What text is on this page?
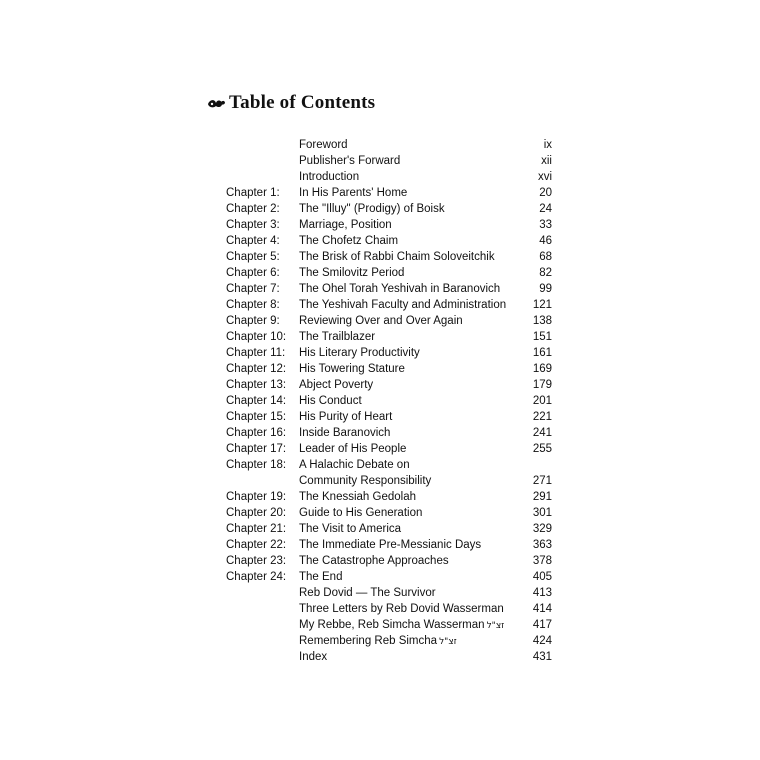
Table of Contents
Foreword	ix
Publisher's Forward	xii
Introduction	xvi
Chapter 1:	In His Parents' Home	20
Chapter 2:	The "Illuy" (Prodigy) of Boisk	24
Chapter 3:	Marriage, Position	33
Chapter 4:	The Chofetz Chaim	46
Chapter 5:	The Brisk of Rabbi Chaim Soloveitchik	68
Chapter 6:	The Smilovitz Period	82
Chapter 7:	The Ohel Torah Yeshivah in Baranovich	99
Chapter 8:	The Yeshivah Faculty and Administration	121
Chapter 9:	Reviewing Over and Over Again	138
Chapter 10:	The Trailblazer	151
Chapter 11:	His Literary Productivity	161
Chapter 12:	His Towering Stature	169
Chapter 13:	Abject Poverty	179
Chapter 14:	His Conduct	201
Chapter 15:	His Purity of Heart	221
Chapter 16:	Inside Baranovich	241
Chapter 17:	Leader of His People	255
Chapter 18:	A Halachic Debate on
Community Responsibility	271
Chapter 19:	The Knessiah Gedolah	291
Chapter 20:	Guide to His Generation	301
Chapter 21:	The Visit to America	329
Chapter 22:	The Immediate Pre-Messianic Days	363
Chapter 23:	The Catastrophe Approaches	378
Chapter 24:	The End	405
Reb Dovid — The Survivor	413
Three Letters by Reb Dovid Wasserman	414
My Rebbe, Reb Simcha Wasserman זצ"ל	417
Remembering Reb Simcha זצ"ל	424
Index	431
